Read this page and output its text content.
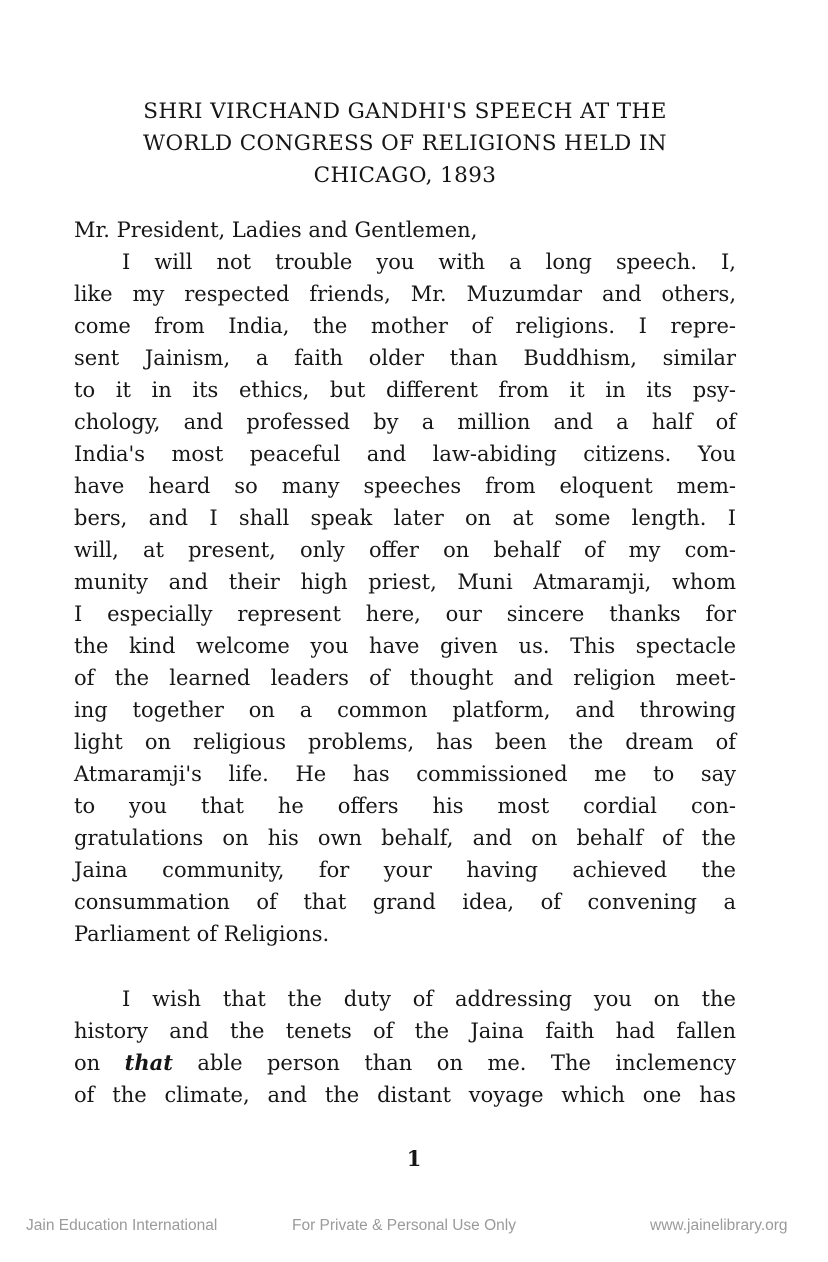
SHRI VIRCHAND GANDHI'S SPEECH AT THE
WORLD CONGRESS OF RELIGIONS HELD IN
CHICAGO, 1893

Mr. President, Ladies and Gentlemen,

I will not trouble you with a long speech. I,
like my respected friends, Mr. Muzumdar and others,
come from India, the mother of religions. I repre-
sent Jainism, a faith older than Buddhism, similar
to it in its ethics, but different from it in its psy-
chology, and professed by a million and a half of
India's most peaceful and law-abiding citizens. You
have heard so many speeches from eloquent mem-
bers, and I shall speak later on at some length. I
will, at present, only offer on behalf of my com-
munity and their high priest, Muni Atmaramji, whom
I especially represent here, our sincere thanks for
the kind welcome you have given us. This spectacle
of the learned leaders of thought and religion meet-
ing together on a common platform, and throwing
light on religious problems, has been the dream of
Atmaramji's life. He has commissioned me to say
to you that he offers his most cordial con-
gratulations on his own behalf, and on behalf of the
Jaina community, for your having achieved the
consummation of that grand idea, of convening a
Parliament of Religions.
I wish that the duty of addressing you on the
history and the tenets of the Jaina faith had fallen
on that able person than on me. The inclemency
of the climate, and the distant voyage which one has
1
Jain Education International	For Private & Personal Use Only	www.jainelibrary.org
